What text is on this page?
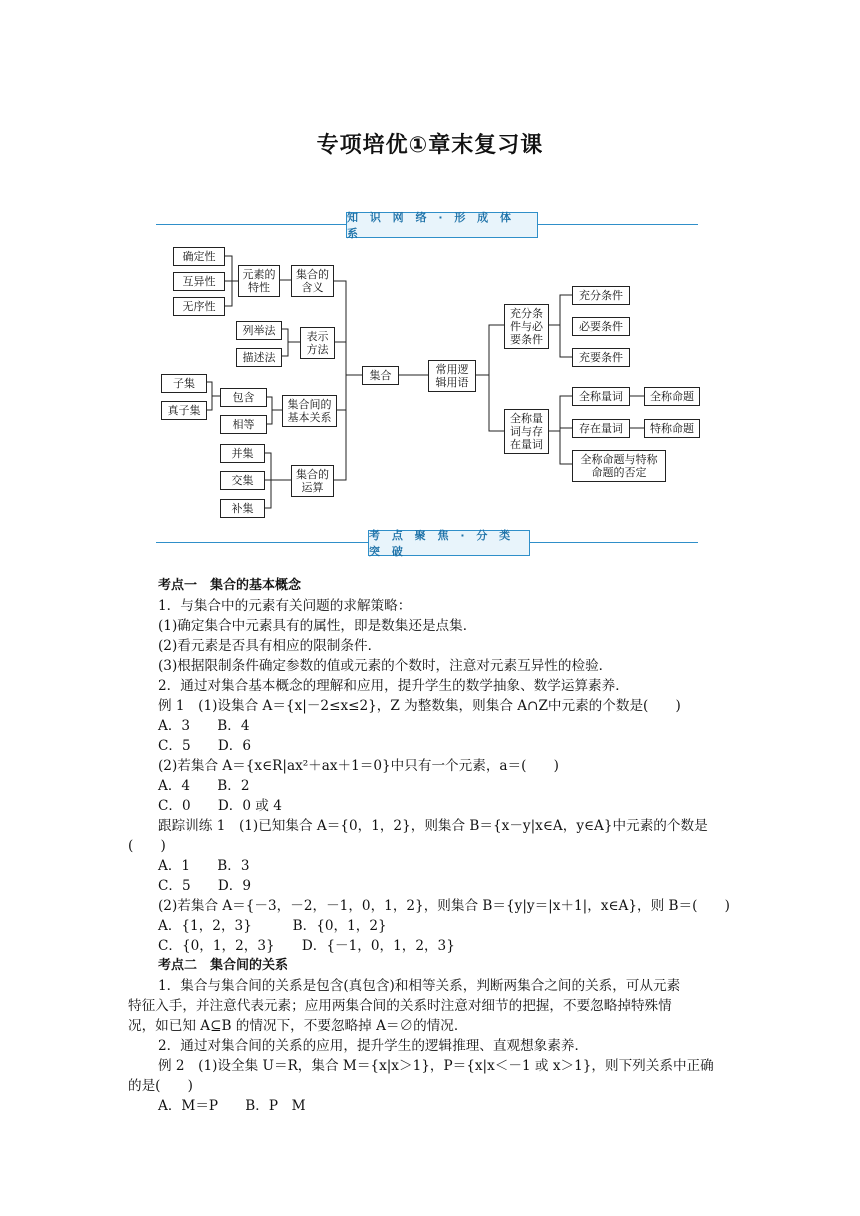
专项培优①章末复习课
知 识 网 络 · 形 成 体 系
确定性
互异性
无序性
元素的
特性
集合的
含义
列举法
描述法
表示
方法
子集
真子集
包含
相等
集合间的
基本关系
并集
交集
补集
集合的
运算
集合	常用逻
辑用语
充分条
件与必
要条件
充分条件
必要条件
充要条件
全称量
词与存
在量词
全称量词	全称命题
存在量词	特称命题
全称命题与特称
命题的否定
考 点 聚 焦 · 分 类 突 破
考点一　集合的基本概念
1．与集合中的元素有关问题的求解策略：
(1)确定集合中元素具有的属性，即是数集还是点集．
(2)看元素是否具有相应的限制条件．
(3)根据限制条件确定参数的值或元素的个数时，注意对元素互异性的检验．
2．通过对集合基本概念的理解和应用，提升学生的数学抽象、数学运算素养．
例 1　(1)设集合 A＝{x|－2≤x≤2}，Z 为整数集，则集合 A∩Z中元素的个数是(　　)
A．3　　B．4
C．5　　D．6
(2)若集合 A＝{x∈R|ax²＋ax＋1＝0}中只有一个元素，a＝(　　)
A．4　　B．2
C．0　　D．0 或 4
跟踪训练 1　(1)已知集合 A＝{0，1，2}，则集合 B＝{x－y|x∈A，y∈A}中元素的个数是
(　　)
A．1　　B．3
C．5　　D．9
(2)若集合 A＝{－3，－2，－1，0，1，2}，则集合 B＝{y|y＝|x＋1|，x∈A}，则 B＝(　　)
A．{1，2，3}　　　B．{0，1，2}
C．{0，1，2，3}　　D．{－1，0，1，2，3}
考点二　集合间的关系
1．集合与集合间的关系是包含(真包含)和相等关系，判断两集合之间的关系，可从元素
特征入手，并注意代表元素；应用两集合间的关系时注意对细节的把握，不要忽略掉特殊情
况，如已知 A⊆B 的情况下，不要忽略掉 A＝∅的情况．
2．通过对集合间的关系的应用，提升学生的逻辑推理、直观想象素养．
例 2　(1)设全集 U＝R，集合 M＝{x|x＞1}，P＝{x|x＜－1 或 x＞1}，则下列关系中正确
的是(　　)
A．M＝P　　B．P　M
